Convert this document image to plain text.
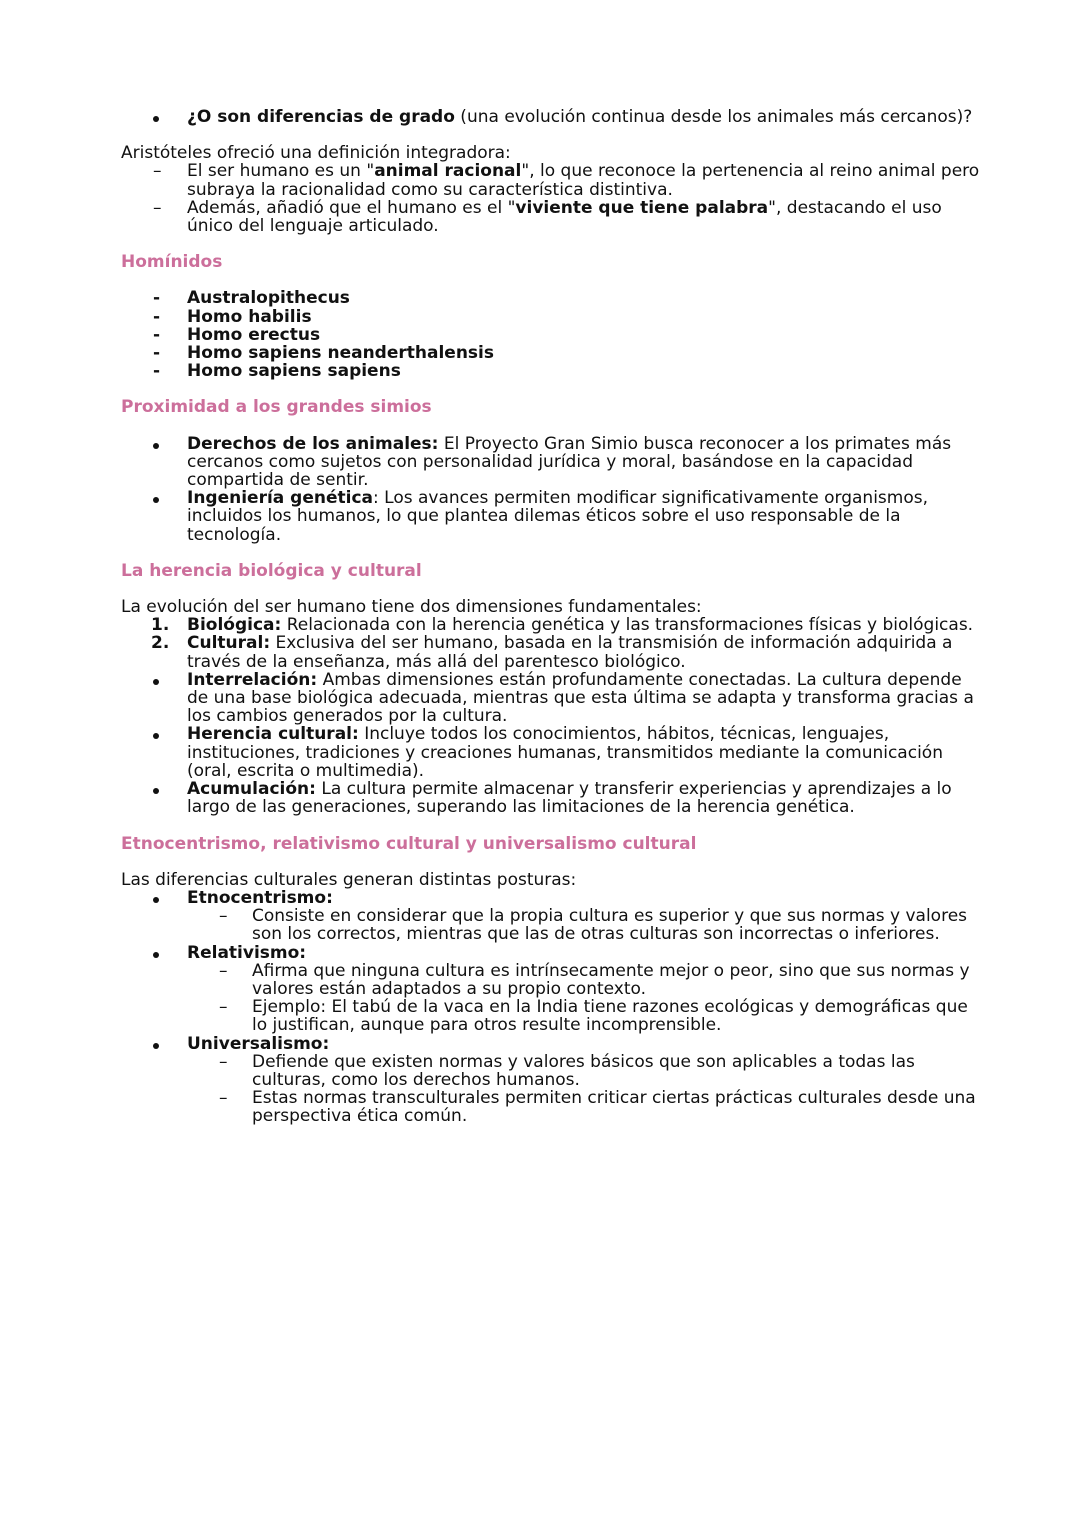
¿O son diferencias de grado (una evolución continua desde los animales más cercanos)?

Aristóteles ofreció una definición integradora:

–	El ser humano es un "animal racional", lo que reconoce la pertenencia al reino animal pero subraya la racionalidad como su característica distintiva.

–	Además, añadió que el humano es el "viviente que tiene palabra", destacando el uso único del lenguaje articulado.

Homínidos

-	Australopithecus

-	Homo habilis

-	Homo erectus

-	Homo sapiens neanderthalensis

-	Homo sapiens sapiens

Proximidad a los grandes simios

Derechos de los animales: El Proyecto Gran Simio busca reconocer a los primates más cercanos como sujetos con personalidad jurídica y moral, basándose en la capacidad compartida de sentir.

Ingeniería genética: Los avances permiten modificar significativamente organismos, incluidos los humanos, lo que plantea dilemas éticos sobre el uso responsable de la tecnología.

La herencia biológica y cultural

La evolución del ser humano tiene dos dimensiones fundamentales:

1. Biológica: Relacionada con la herencia genética y las transformaciones físicas y biológicas.

2. Cultural: Exclusiva del ser humano, basada en la transmisión de información adquirida a través de la enseñanza, más allá del parentesco biológico.

Interrelación: Ambas dimensiones están profundamente conectadas. La cultura depende de una base biológica adecuada, mientras que esta última se adapta y transforma gracias a los cambios generados por la cultura.

Herencia cultural: Incluye todos los conocimientos, hábitos, técnicas, lenguajes, instituciones, tradiciones y creaciones humanas, transmitidos mediante la comunicación (oral, escrita o multimedia).

Acumulación: La cultura permite almacenar y transferir experiencias y aprendizajes a lo largo de las generaciones, superando las limitaciones de la herencia genética.

Etnocentrismo, relativismo cultural y universalismo cultural

Las diferencias culturales generan distintas posturas:

Etnocentrismo:

–	Consiste en considerar que la propia cultura es superior y que sus normas y valores son los correctos, mientras que las de otras culturas son incorrectas o inferiores.

Relativismo:

–	Afirma que ninguna cultura es intrínsecamente mejor o peor, sino que sus normas y valores están adaptados a su propio contexto.

–	Ejemplo: El tabú de la vaca en la India tiene razones ecológicas y demográficas que lo justifican, aunque para otros resulte incomprensible.

Universalismo:

–	Defiende que existen normas y valores básicos que son aplicables a todas las culturas, como los derechos humanos.

–	Estas normas transculturales permiten criticar ciertas prácticas culturales desde una perspectiva ética común.
